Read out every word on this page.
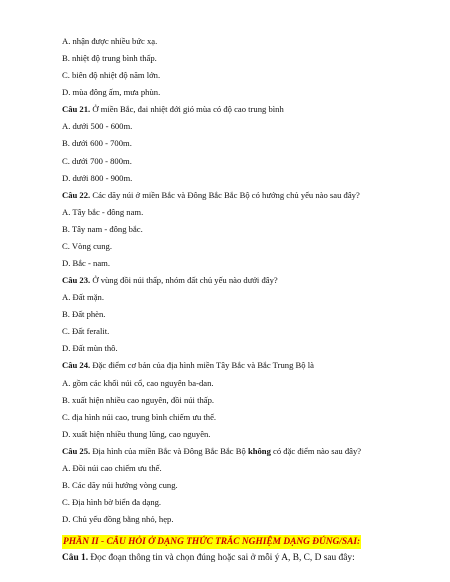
A. nhận được nhiều bức xạ.
B. nhiệt độ trung bình thấp.
C. biên độ nhiệt độ năm lớn.
D. mùa đông ấm, mưa phùn.
Câu 21. Ở miền Bắc, đai nhiệt đới gió mùa có độ cao trung bình
A. dưới 500 - 600m.
B. dưới 600 - 700m.
C. dưới 700 - 800m.
D. dưới 800 - 900m.
Câu 22. Các dãy núi ở miền Bắc và Đông Bắc Bắc Bộ có hướng chủ yếu nào sau đây?
A. Tây bắc - đông nam.
B. Tây nam - đông bắc.
C. Vòng cung.
D. Bắc - nam.
Câu 23. Ở vùng đồi núi thấp, nhóm đất chủ yếu nào dưới đây?
A. Đất mặn.
B. Đất phèn.
C. Đất feralit.
D. Đất mùn thô.
Câu 24. Đặc điểm cơ bản của địa hình miền Tây Bắc và Bắc Trung Bộ là
A. gồm các khối núi cổ, cao nguyên ba-dan.
B. xuất hiện nhiều cao nguyên, đồi núi thấp.
C. địa hình núi cao, trung bình chiếm ưu thế.
D. xuất hiện nhiều thung lũng, cao nguyên.
Câu 25. Địa hình của miền Bắc và Đông Bắc Bắc Bộ không có đặc điểm nào sau đây?
A. Đồi núi cao chiếm ưu thế.
B. Các dãy núi hướng vòng cung.
C. Địa hình bờ biển đa dạng.
D. Chủ yếu đồng bằng nhỏ, hẹp.
PHẦN II - CÂU HỎI Ở DẠNG THỨC TRẮC NGHIỆM DẠNG ĐÚNG/SAI:
Câu 1. Đọc đoạn thông tin và chọn đúng hoặc sai ở mỗi ý A, B, C, D sau đây:
